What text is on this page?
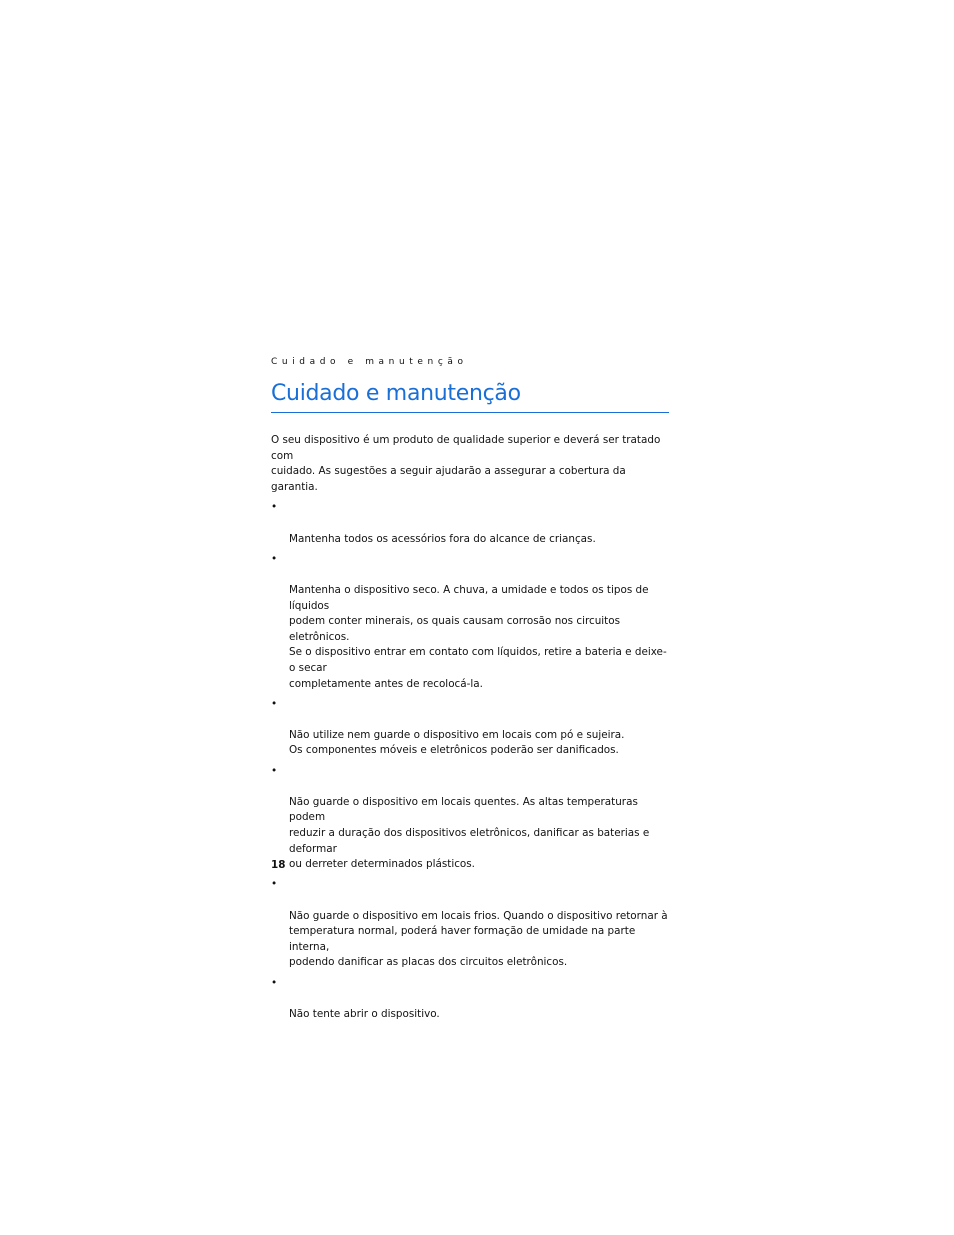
Cuidado e manutenção
Cuidado e manutenção

O seu dispositivo é um produto de qualidade superior e deverá ser tratado com
cuidado. As sugestões a seguir ajudarão a assegurar a cobertura da garantia.

•

Mantenha todos os acessórios fora do alcance de crianças.

•

Mantenha o dispositivo seco. A chuva, a umidade e todos os tipos de líquidos
podem conter minerais, os quais causam corrosão nos circuitos eletrônicos.
Se o dispositivo entrar em contato com líquidos, retire a bateria e deixe-o secar
completamente antes de recolocá-la.

•

Não utilize nem guarde o dispositivo em locais com pó e sujeira.
Os componentes móveis e eletrônicos poderão ser danificados.

•

Não guarde o dispositivo em locais quentes. As altas temperaturas podem
reduzir a duração dos dispositivos eletrônicos, danificar as baterias e deformar
ou derreter determinados plásticos.

•

Não guarde o dispositivo em locais frios. Quando o dispositivo retornar à
temperatura normal, poderá haver formação de umidade na parte interna,
podendo danificar as placas dos circuitos eletrônicos.

•

Não tente abrir o dispositivo.

18
